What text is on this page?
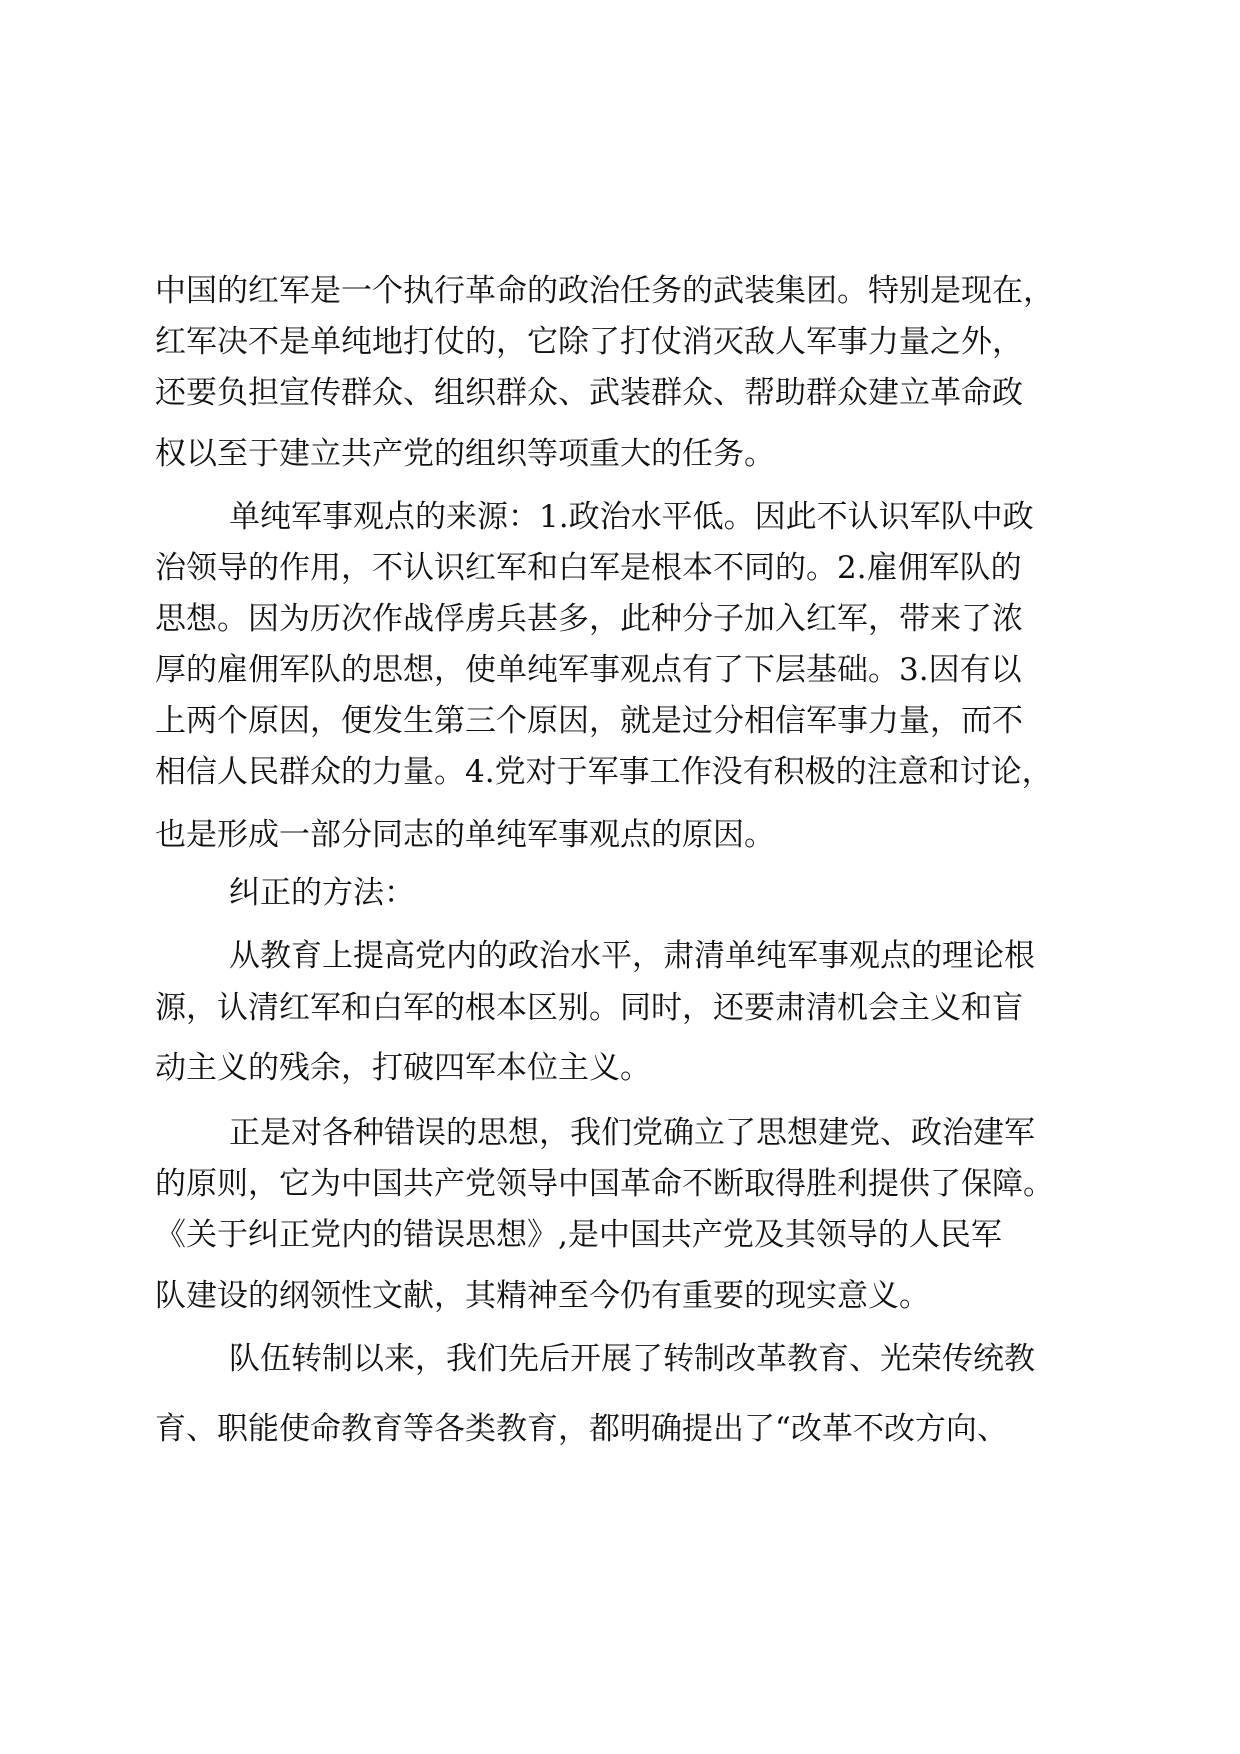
中国的红军是一个执行革命的政治任务的武装集团。特别是现在，
红军决不是单纯地打仗的，它除了打仗消灭敌人军事力量之外，
还要负担宣传群众、组织群众、武装群众、帮助群众建立革命政
权以至于建立共产党的组织等项重大的任务。
单纯军事观点的来源：1.政治水平低。因此不认识军队中政
治领导的作用，不认识红军和白军是根本不同的。2.雇佣军队的
思想。因为历次作战俘虏兵甚多，此种分子加入红军，带来了浓
厚的雇佣军队的思想，使单纯军事观点有了下层基础。3.因有以
上两个原因，便发生第三个原因，就是过分相信军事力量，而不
相信人民群众的力量。4.党对于军事工作没有积极的注意和讨论，
也是形成一部分同志的单纯军事观点的原因。
纠正的方法：
从教育上提高党内的政治水平，肃清单纯军事观点的理论根
源，认清红军和白军的根本区别。同时，还要肃清机会主义和盲
动主义的残余，打破四军本位主义。
正是对各种错误的思想，我们党确立了思想建党、政治建军
的原则，它为中国共产党领导中国革命不断取得胜利提供了保障。
《关于纠正党内的错误思想》,是中国共产党及其领导的人民军
队建设的纲领性文献，其精神至今仍有重要的现实意义。
队伍转制以来，我们先后开展了转制改革教育、光荣传统教
育、职能使命教育等各类教育，都明确提出了“改革不改方向、
